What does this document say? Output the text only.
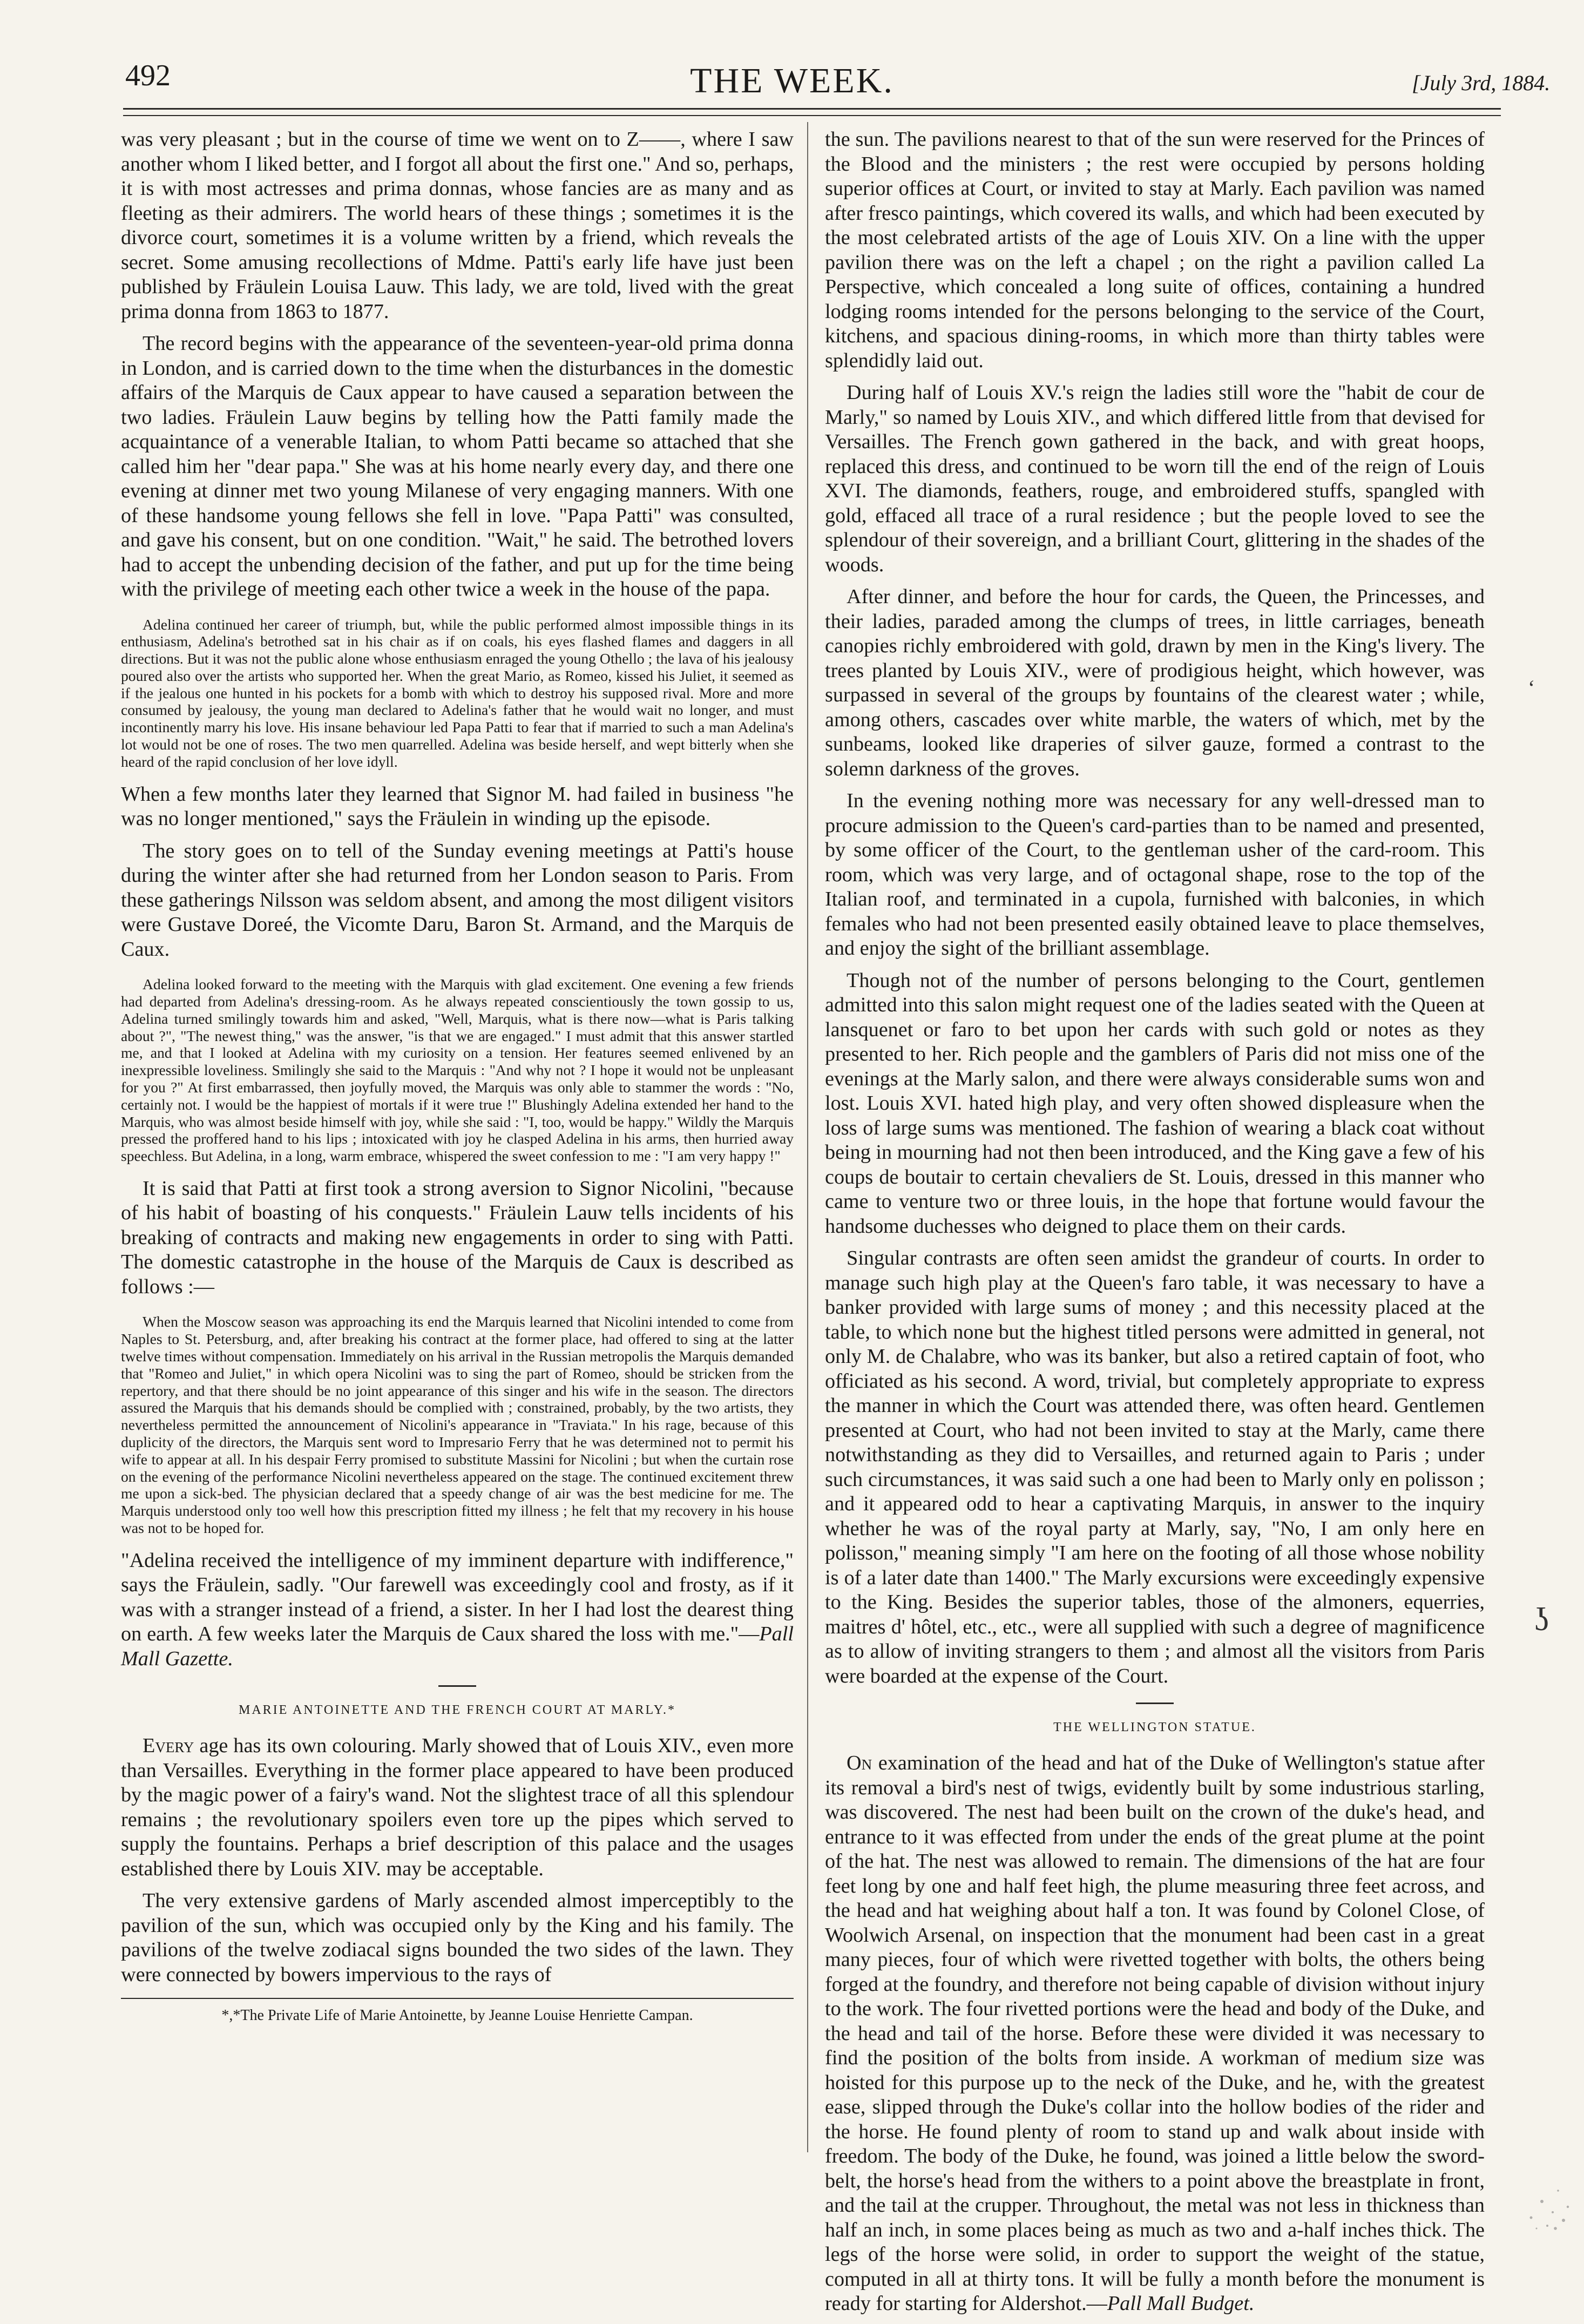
492	THE WEEK.	[July 3rd, 1884.
ʖ
ʻ

was very pleasant ; but in the course of time we went on to Z——, where I saw another whom I liked better, and I forgot all about the first one." And so, perhaps, it is with most actresses and prima donnas, whose fancies are as many and as fleeting as their admirers. The world hears of these things ; sometimes it is the divorce court, sometimes it is a volume written by a friend, which reveals the secret. Some amusing recollections of Mdme. Patti's early life have just been published by Fräulein Louisa Lauw. This lady, we are told, lived with the great prima donna from 1863 to 1877.

The record begins with the appearance of the seventeen-year-old prima donna in London, and is carried down to the time when the disturbances in the domestic affairs of the Marquis de Caux appear to have caused a separation between the two ladies. Fräulein Lauw begins by telling how the Patti family made the acquaintance of a venerable Italian, to whom Patti became so attached that she called him her "dear papa." She was at his home nearly every day, and there one evening at dinner met two young Milanese of very engaging manners. With one of these handsome young fellows she fell in love. "Papa Patti" was consulted, and gave his consent, but on one condition. "Wait," he said. The betrothed lovers had to accept the unbending decision of the father, and put up for the time being with the privilege of meeting each other twice a week in the house of the papa.

Adelina continued her career of triumph, but, while the public performed almost impossible things in its enthusiasm, Adelina's betrothed sat in his chair as if on coals, his eyes flashed flames and daggers in all directions. But it was not the public alone whose enthusiasm enraged the young Othello ; the lava of his jealousy poured also over the artists who supported her. When the great Mario, as Romeo, kissed his Juliet, it seemed as if the jealous one hunted in his pockets for a bomb with which to destroy his supposed rival. More and more consumed by jealousy, the young man declared to Adelina's father that he would wait no longer, and must incontinently marry his love. His insane behaviour led Papa Patti to fear that if married to such a man Adelina's lot would not be one of roses. The two men quarrelled. Adelina was beside herself, and wept bitterly when she heard of the rapid conclusion of her love idyll.

When a few months later they learned that Signor M. had failed in business "he was no longer mentioned," says the Fräulein in winding up the episode.

The story goes on to tell of the Sunday evening meetings at Patti's house during the winter after she had returned from her London season to Paris. From these gatherings Nilsson was seldom absent, and among the most diligent visitors were Gustave Doreé, the Vicomte Daru, Baron St. Armand, and the Marquis de Caux.

Adelina looked forward to the meeting with the Marquis with glad excitement. One evening a few friends had departed from Adelina's dressing-room. As he always repeated conscientiously the town gossip to us, Adelina turned smilingly towards him and asked, "Well, Marquis, what is there now—what is Paris talking about ?", "The newest thing," was the answer, "is that we are engaged." I must admit that this answer startled me, and that I looked at Adelina with my curiosity on a tension. Her features seemed enlivened by an inexpressible loveliness. Smilingly she said to the Marquis : "And why not ? I hope it would not be unpleasant for you ?" At first embarrassed, then joyfully moved, the Marquis was only able to stammer the words : "No, certainly not. I would be the happiest of mortals if it were true !" Blushingly Adelina extended her hand to the Marquis, who was almost beside himself with joy, while she said : "I, too, would be happy." Wildly the Marquis pressed the proffered hand to his lips ; intoxicated with joy he clasped Adelina in his arms, then hurried away speechless. But Adelina, in a long, warm embrace, whispered the sweet confession to me : "I am very happy !"

It is said that Patti at first took a strong aversion to Signor Nicolini, "because of his habit of boasting of his conquests." Fräulein Lauw tells incidents of his breaking of contracts and making new engagements in order to sing with Patti. The domestic catastrophe in the house of the Marquis de Caux is described as follows :—

When the Moscow season was approaching its end the Marquis learned that Nicolini intended to come from Naples to St. Petersburg, and, after breaking his contract at the former place, had offered to sing at the latter twelve times without compensation. Immediately on his arrival in the Russian metropolis the Marquis demanded that "Romeo and Juliet," in which opera Nicolini was to sing the part of Romeo, should be stricken from the repertory, and that there should be no joint appearance of this singer and his wife in the season. The directors assured the Marquis that his demands should be complied with ; constrained, probably, by the two artists, they nevertheless permitted the announcement of Nicolini's appearance in "Traviata." In his rage, because of this duplicity of the directors, the Marquis sent word to Impresario Ferry that he was determined not to permit his wife to appear at all. In his despair Ferry promised to substitute Massini for Nicolini ; but when the curtain rose on the evening of the performance Nicolini nevertheless appeared on the stage. The continued excitement threw me upon a sick-bed. The physician declared that a speedy change of air was the best medicine for me. The Marquis understood only too well how this prescription fitted my illness ; he felt that my recovery in his house was not to be hoped for.

"Adelina received the intelligence of my imminent departure with indifference," says the Fräulein, sadly. "Our farewell was exceedingly cool and frosty, as if it was with a stranger instead of a friend, a sister. In her I had lost the dearest thing on earth. A few weeks later the Marquis de Caux shared the loss with me."—Pall Mall Gazette.

MARIE ANTOINETTE AND THE FRENCH COURT AT MARLY.*

Every age has its own colouring. Marly showed that of Louis XIV., even more than Versailles. Everything in the former place appeared to have been produced by the magic power of a fairy's wand. Not the slightest trace of all this splendour remains ; the revolutionary spoilers even tore up the pipes which served to supply the fountains. Perhaps a brief description of this palace and the usages established there by Louis XIV. may be acceptable.

The very extensive gardens of Marly ascended almost imperceptibly to the pavilion of the sun, which was occupied only by the King and his family. The pavilions of the twelve zodiacal signs bounded the two sides of the lawn. They were connected by bowers impervious to the rays of

*,*The Private Life of Marie Antoinette, by Jeanne Louise Henriette Campan.

the sun. The pavilions nearest to that of the sun were reserved for the Princes of the Blood and the ministers ; the rest were occupied by persons holding superior offices at Court, or invited to stay at Marly. Each pavilion was named after fresco paintings, which covered its walls, and which had been executed by the most celebrated artists of the age of Louis XIV. On a line with the upper pavilion there was on the left a chapel ; on the right a pavilion called La Perspective, which concealed a long suite of offices, containing a hundred lodging rooms intended for the persons belonging to the service of the Court, kitchens, and spacious dining-rooms, in which more than thirty tables were splendidly laid out.

During half of Louis XV.'s reign the ladies still wore the "habit de cour de Marly," so named by Louis XIV., and which differed little from that devised for Versailles. The French gown gathered in the back, and with great hoops, replaced this dress, and continued to be worn till the end of the reign of Louis XVI. The diamonds, feathers, rouge, and embroidered stuffs, spangled with gold, effaced all trace of a rural residence ; but the people loved to see the splendour of their sovereign, and a brilliant Court, glittering in the shades of the woods.

After dinner, and before the hour for cards, the Queen, the Princesses, and their ladies, paraded among the clumps of trees, in little carriages, beneath canopies richly embroidered with gold, drawn by men in the King's livery. The trees planted by Louis XIV., were of prodigious height, which however, was surpassed in several of the groups by fountains of the clearest water ; while, among others, cascades over white marble, the waters of which, met by the sunbeams, looked like draperies of silver gauze, formed a contrast to the solemn darkness of the groves.

In the evening nothing more was necessary for any well-dressed man to procure admission to the Queen's card-parties than to be named and presented, by some officer of the Court, to the gentleman usher of the card-room. This room, which was very large, and of octagonal shape, rose to the top of the Italian roof, and terminated in a cupola, furnished with balconies, in which females who had not been presented easily obtained leave to place themselves, and enjoy the sight of the brilliant assemblage.

Though not of the number of persons belonging to the Court, gentlemen admitted into this salon might request one of the ladies seated with the Queen at lansquenet or faro to bet upon her cards with such gold or notes as they presented to her. Rich people and the gamblers of Paris did not miss one of the evenings at the Marly salon, and there were always considerable sums won and lost. Louis XVI. hated high play, and very often showed displeasure when the loss of large sums was mentioned. The fashion of wearing a black coat without being in mourning had not then been introduced, and the King gave a few of his coups de boutair to certain chevaliers de St. Louis, dressed in this manner who came to venture two or three louis, in the hope that fortune would favour the handsome duchesses who deigned to place them on their cards.

Singular contrasts are often seen amidst the grandeur of courts. In order to manage such high play at the Queen's faro table, it was necessary to have a banker provided with large sums of money ; and this necessity placed at the table, to which none but the highest titled persons were admitted in general, not only M. de Chalabre, who was its banker, but also a retired captain of foot, who officiated as his second. A word, trivial, but completely appropriate to express the manner in which the Court was attended there, was often heard. Gentlemen presented at Court, who had not been invited to stay at the Marly, came there notwithstanding as they did to Versailles, and returned again to Paris ; under such circumstances, it was said such a one had been to Marly only en polisson ; and it appeared odd to hear a captivating Marquis, in answer to the inquiry whether he was of the royal party at Marly, say, "No, I am only here en polisson," meaning simply "I am here on the footing of all those whose nobility is of a later date than 1400." The Marly excursions were exceedingly expensive to the King. Besides the superior tables, those of the almoners, equerries, maitres d' hôtel, etc., etc., were all supplied with such a degree of magnificence as to allow of inviting strangers to them ; and almost all the visitors from Paris were boarded at the expense of the Court.

THE WELLINGTON STATUE.

On examination of the head and hat of the Duke of Wellington's statue after its removal a bird's nest of twigs, evidently built by some industrious starling, was discovered. The nest had been built on the crown of the duke's head, and entrance to it was effected from under the ends of the great plume at the point of the hat. The nest was allowed to remain. The dimensions of the hat are four feet long by one and half feet high, the plume measuring three feet across, and the head and hat weighing about half a ton. It was found by Colonel Close, of Woolwich Arsenal, on inspection that the monument had been cast in a great many pieces, four of which were rivetted together with bolts, the others being forged at the foundry, and therefore not being capable of division without injury to the work. The four rivetted portions were the head and body of the Duke, and the head and tail of the horse. Before these were divided it was necessary to find the position of the bolts from inside. A workman of medium size was hoisted for this purpose up to the neck of the Duke, and he, with the greatest ease, slipped through the Duke's collar into the hollow bodies of the rider and the horse. He found plenty of room to stand up and walk about inside with freedom. The body of the Duke, he found, was joined a little below the sword-belt, the horse's head from the withers to a point above the breastplate in front, and the tail at the crupper. Throughout, the metal was not less in thickness than half an inch, in some places being as much as two and a-half inches thick. The legs of the horse were solid, in order to support the weight of the statue, computed in all at thirty tons. It will be fully a month before the monument is ready for starting for Aldershot.—Pall Mall Budget.
